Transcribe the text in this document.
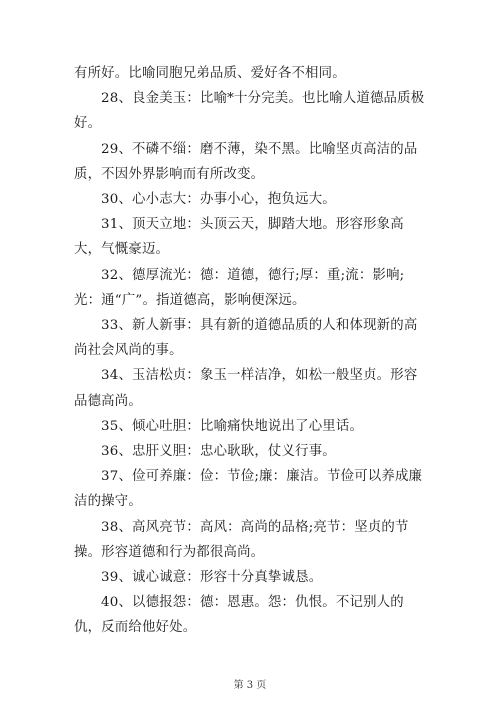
有所好。比喻同胞兄弟品质、爱好各不相同。

28、良金美玉：比喻*十分完美。也比喻人道德品质极好。

29、不磷不缁：磨不薄，染不黑。比喻坚贞高洁的品质，不因外界影响而有所改变。

30、心小志大：办事小心，抱负远大。

31、顶天立地：头顶云天，脚踏大地。形容形象高大，气慨豪迈。

32、德厚流光：德：道德，德行;厚：重;流：影响;光：通“广”。指道德高，影响便深远。

33、新人新事：具有新的道德品质的人和体现新的高尚社会风尚的事。

34、玉洁松贞：象玉一样洁净，如松一般坚贞。形容品德高尚。

35、倾心吐胆：比喻痛快地说出了心里话。

36、忠肝义胆：忠心耿耿，仗义行事。

37、俭可养廉：俭：节俭;廉：廉洁。节俭可以养成廉洁的操守。

38、高风亮节：高风：高尚的品格;亮节：坚贞的节操。形容道德和行为都很高尚。

39、诚心诚意：形容十分真挚诚恳。

40、以德报怨：德：恩惠。怨：仇恨。不记别人的仇，反而给他好处。

第 3 页
